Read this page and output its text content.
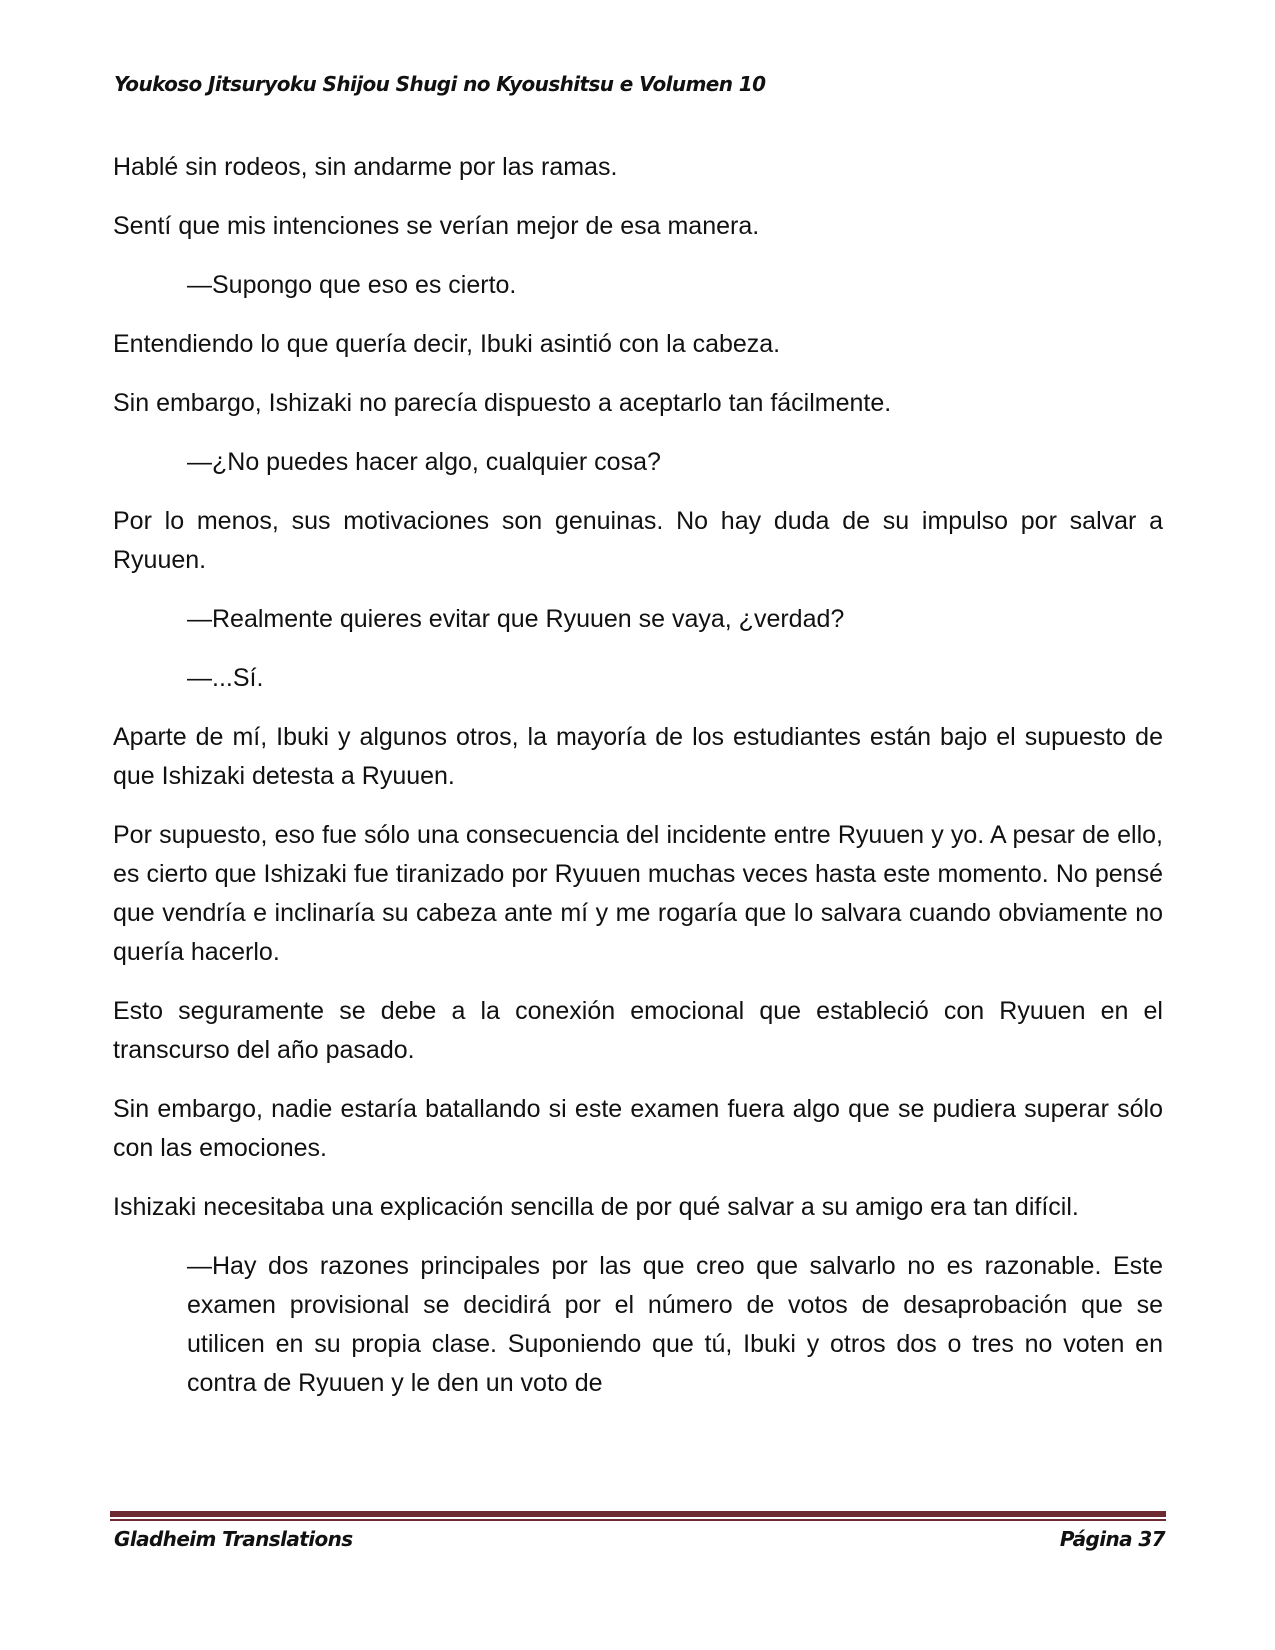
Youkoso Jitsuryoku Shijou Shugi no Kyoushitsu e Volumen 10

Hablé sin rodeos, sin andarme por las ramas.

Sentí que mis intenciones se verían mejor de esa manera.

—Supongo que eso es cierto.

Entendiendo lo que quería decir, Ibuki asintió con la cabeza.

Sin embargo, Ishizaki no parecía dispuesto a aceptarlo tan fácilmente.

—¿No puedes hacer algo, cualquier cosa?

Por lo menos, sus motivaciones son genuinas. No hay duda de su impulso por salvar a Ryuuen.

—Realmente quieres evitar que Ryuuen se vaya, ¿verdad?

—...Sí.

Aparte de mí, Ibuki y algunos otros, la mayoría de los estudiantes están bajo el supuesto de que Ishizaki detesta a Ryuuen.

Por supuesto, eso fue sólo una consecuencia del incidente entre Ryuuen y yo. A pesar de ello, es cierto que Ishizaki fue tiranizado por Ryuuen muchas veces hasta este momento. No pensé que vendría e inclinaría su cabeza ante mí y me rogaría que lo salvara cuando obviamente no quería hacerlo.

Esto seguramente se debe a la conexión emocional que estableció con Ryuuen en el transcurso del año pasado.

Sin embargo, nadie estaría batallando si este examen fuera algo que se pudiera superar sólo con las emociones.

Ishizaki necesitaba una explicación sencilla de por qué salvar a su amigo era tan difícil.

—Hay dos razones principales por las que creo que salvarlo no es razonable. Este examen provisional se decidirá por el número de votos de desaprobación que se utilicen en su propia clase. Suponiendo que tú, Ibuki y otros dos o tres no voten en contra de Ryuuen y le den un voto de

Gladheim Translations	Página 37
